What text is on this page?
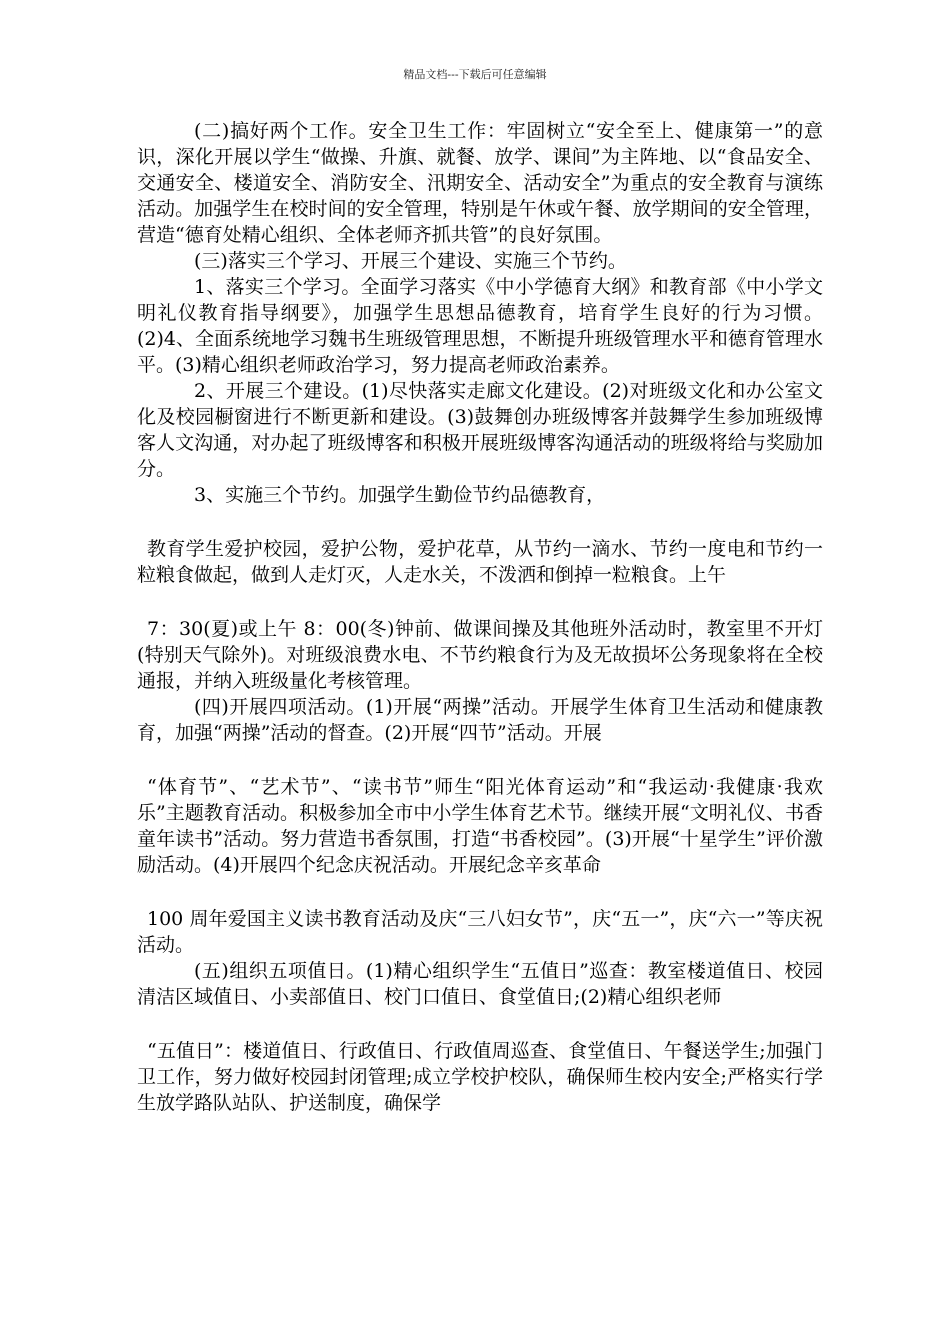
精品文档---下载后可任意编辑

(二)搞好两个工作。安全卫生工作：牢固树立“安全至上、健康第一”的意识，深化开展以学生“做操、升旗、就餐、放学、课间”为主阵地、以“食品安全、交通安全、楼道安全、消防安全、汛期安全、活动安全”为重点的安全教育与演练活动。加强学生在校时间的安全管理，特别是午休或午餐、放学期间的安全管理，营造“德育处精心组织、全体老师齐抓共管”的良好氛围。

(三)落实三个学习、开展三个建设、实施三个节约。

1、落实三个学习。全面学习落实《中小学德育大纲》和教育部《中小学文明礼仪教育指导纲要》，加强学生思想品德教育，培育学生良好的行为习惯。(2)4、全面系统地学习魏书生班级管理思想，不断提升班级管理水平和德育管理水平。(3)精心组织老师政治学习，努力提高老师政治素养。

2、开展三个建设。(1)尽快落实走廊文化建设。(2)对班级文化和办公室文化及校园橱窗进行不断更新和建设。(3)鼓舞创办班级博客并鼓舞学生参加班级博客人文沟通，对办起了班级博客和积极开展班级博客沟通活动的班级将给与奖励加分。

3、实施三个节约。加强学生勤俭节约品德教育，

教育学生爱护校园，爱护公物，爱护花草，从节约一滴水、节约一度电和节约一粒粮食做起，做到人走灯灭，人走水关，不泼洒和倒掉一粒粮食。上午

7：30(夏)或上午 8：00(冬)钟前、做课间操及其他班外活动时，教室里不开灯(特别天气除外)。对班级浪费水电、不节约粮食行为及无故损坏公务现象将在全校通报，并纳入班级量化考核管理。

(四)开展四项活动。(1)开展“两操”活动。开展学生体育卫生活动和健康教育，加强“两操”活动的督查。(2)开展“四节”活动。开展

“体育节”、“艺术节”、“读书节”师生“阳光体育运动”和“我运动·我健康·我欢乐”主题教育活动。积极参加全市中小学生体育艺术节。继续开展“文明礼仪、书香童年读书”活动。努力营造书香氛围，打造“书香校园”。(3)开展“十星学生”评价激励活动。(4)开展四个纪念庆祝活动。开展纪念辛亥革命

100 周年爱国主义读书教育活动及庆“三八妇女节”，庆“五一”，庆“六一”等庆祝活动。

(五)组织五项值日。(1)精心组织学生“五值日”巡查：教室楼道值日、校园清洁区域值日、小卖部值日、校门口值日、食堂值日;(2)精心组织老师

“五值日”：楼道值日、行政值日、行政值周巡查、食堂值日、午餐送学生;加强门卫工作，努力做好校园封闭管理;成立学校护校队，确保师生校内安全;严格实行学生放学路队站队、护送制度，确保学
